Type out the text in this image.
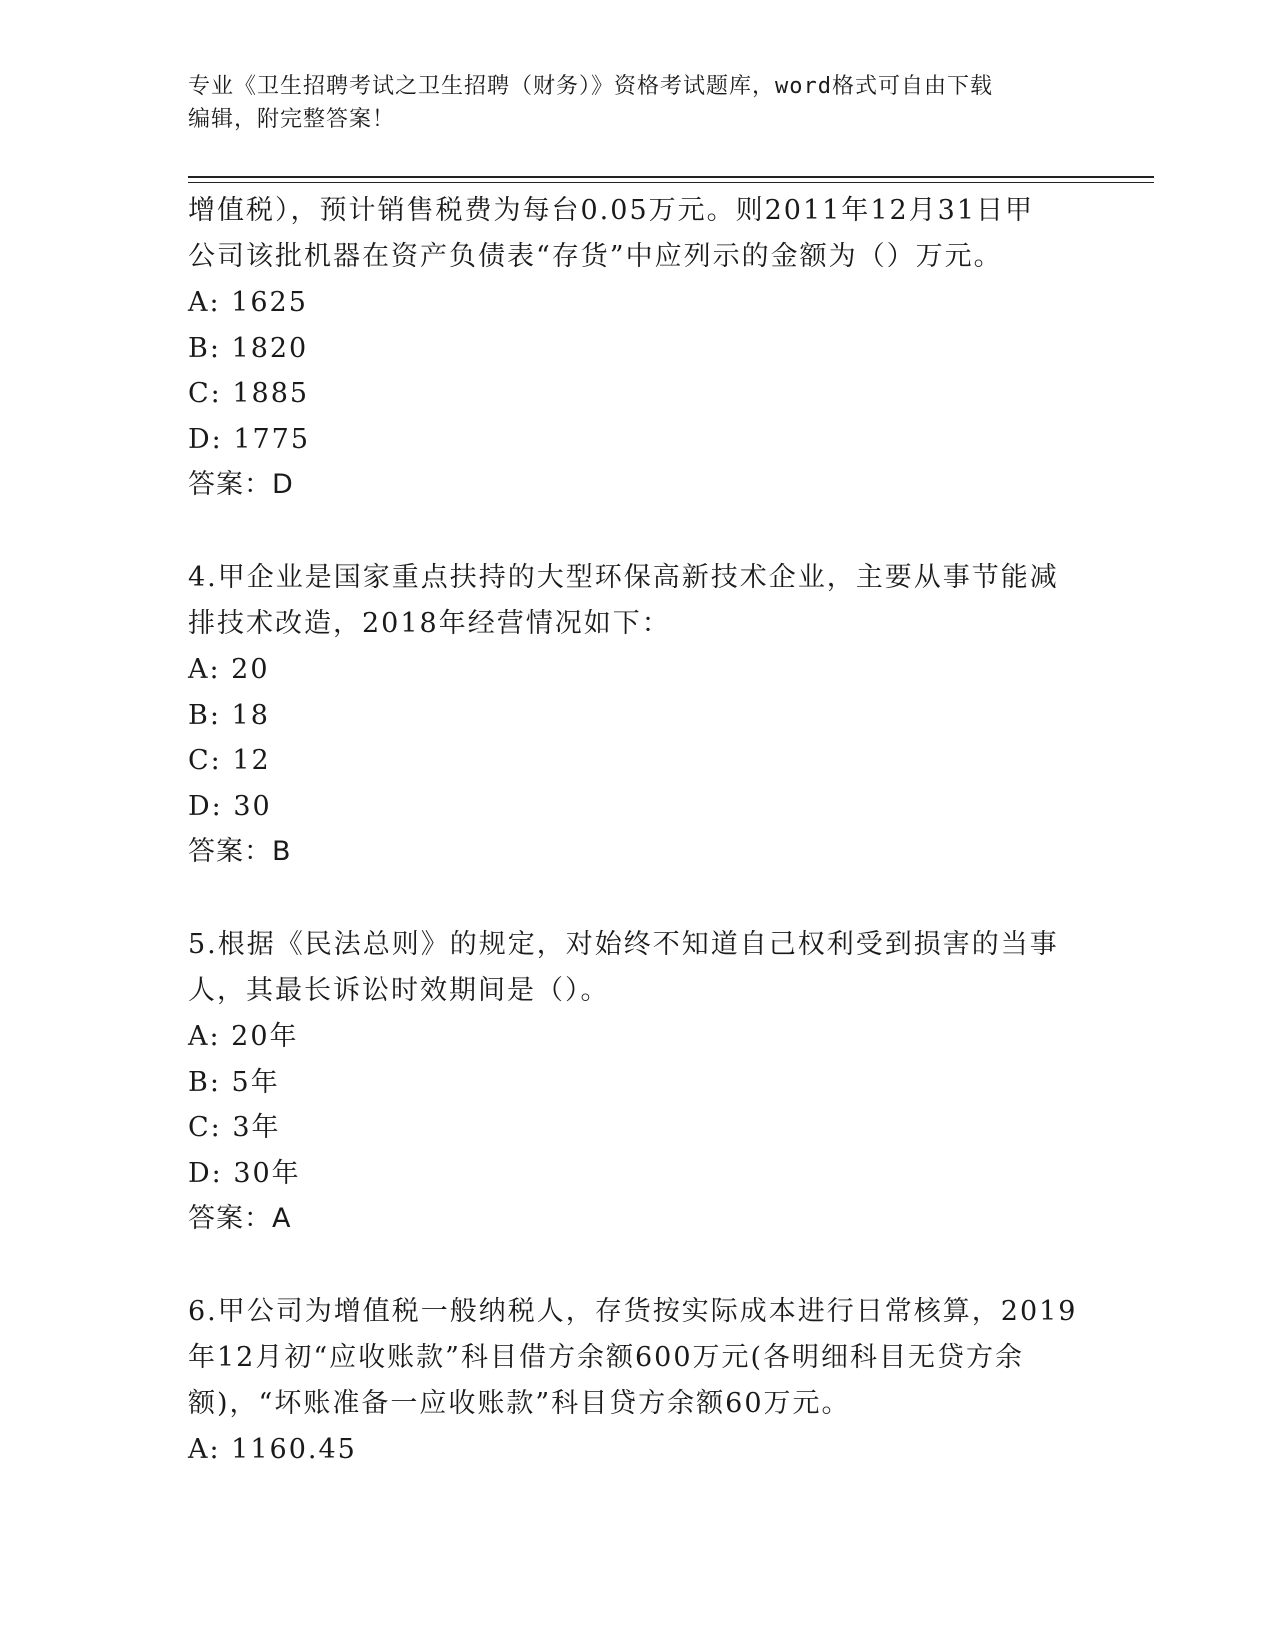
专业《卫生招聘考试之卫生招聘（财务）》资格考试题库，word格式可自由下载
编辑，附完整答案！
增值税），预计销售税费为每台0.05万元。则2011年12月31日甲
公司该批机器在资产负债表“存货”中应列示的金额为（）万元。
A: 1625
B: 1820
C: 1885
D: 1775
答案：D
4.甲企业是国家重点扶持的大型环保高新技术企业，主要从事节能减
排技术改造，2018年经营情况如下：
A: 20
B: 18
C: 12
D: 30
答案：B
5.根据《民法总则》的规定，对始终不知道自己权利受到损害的当事
人，其最长诉讼时效期间是（）。
A: 20年
B: 5年
C: 3年
D: 30年
答案：A
6.甲公司为增值税一般纳税人，存货按实际成本进行日常核算，2019
年12月初“应收账款”科目借方余额600万元(各明细科目无贷方余
额)，“坏账准备一应收账款”科目贷方余额60万元。
A: 1160.45
